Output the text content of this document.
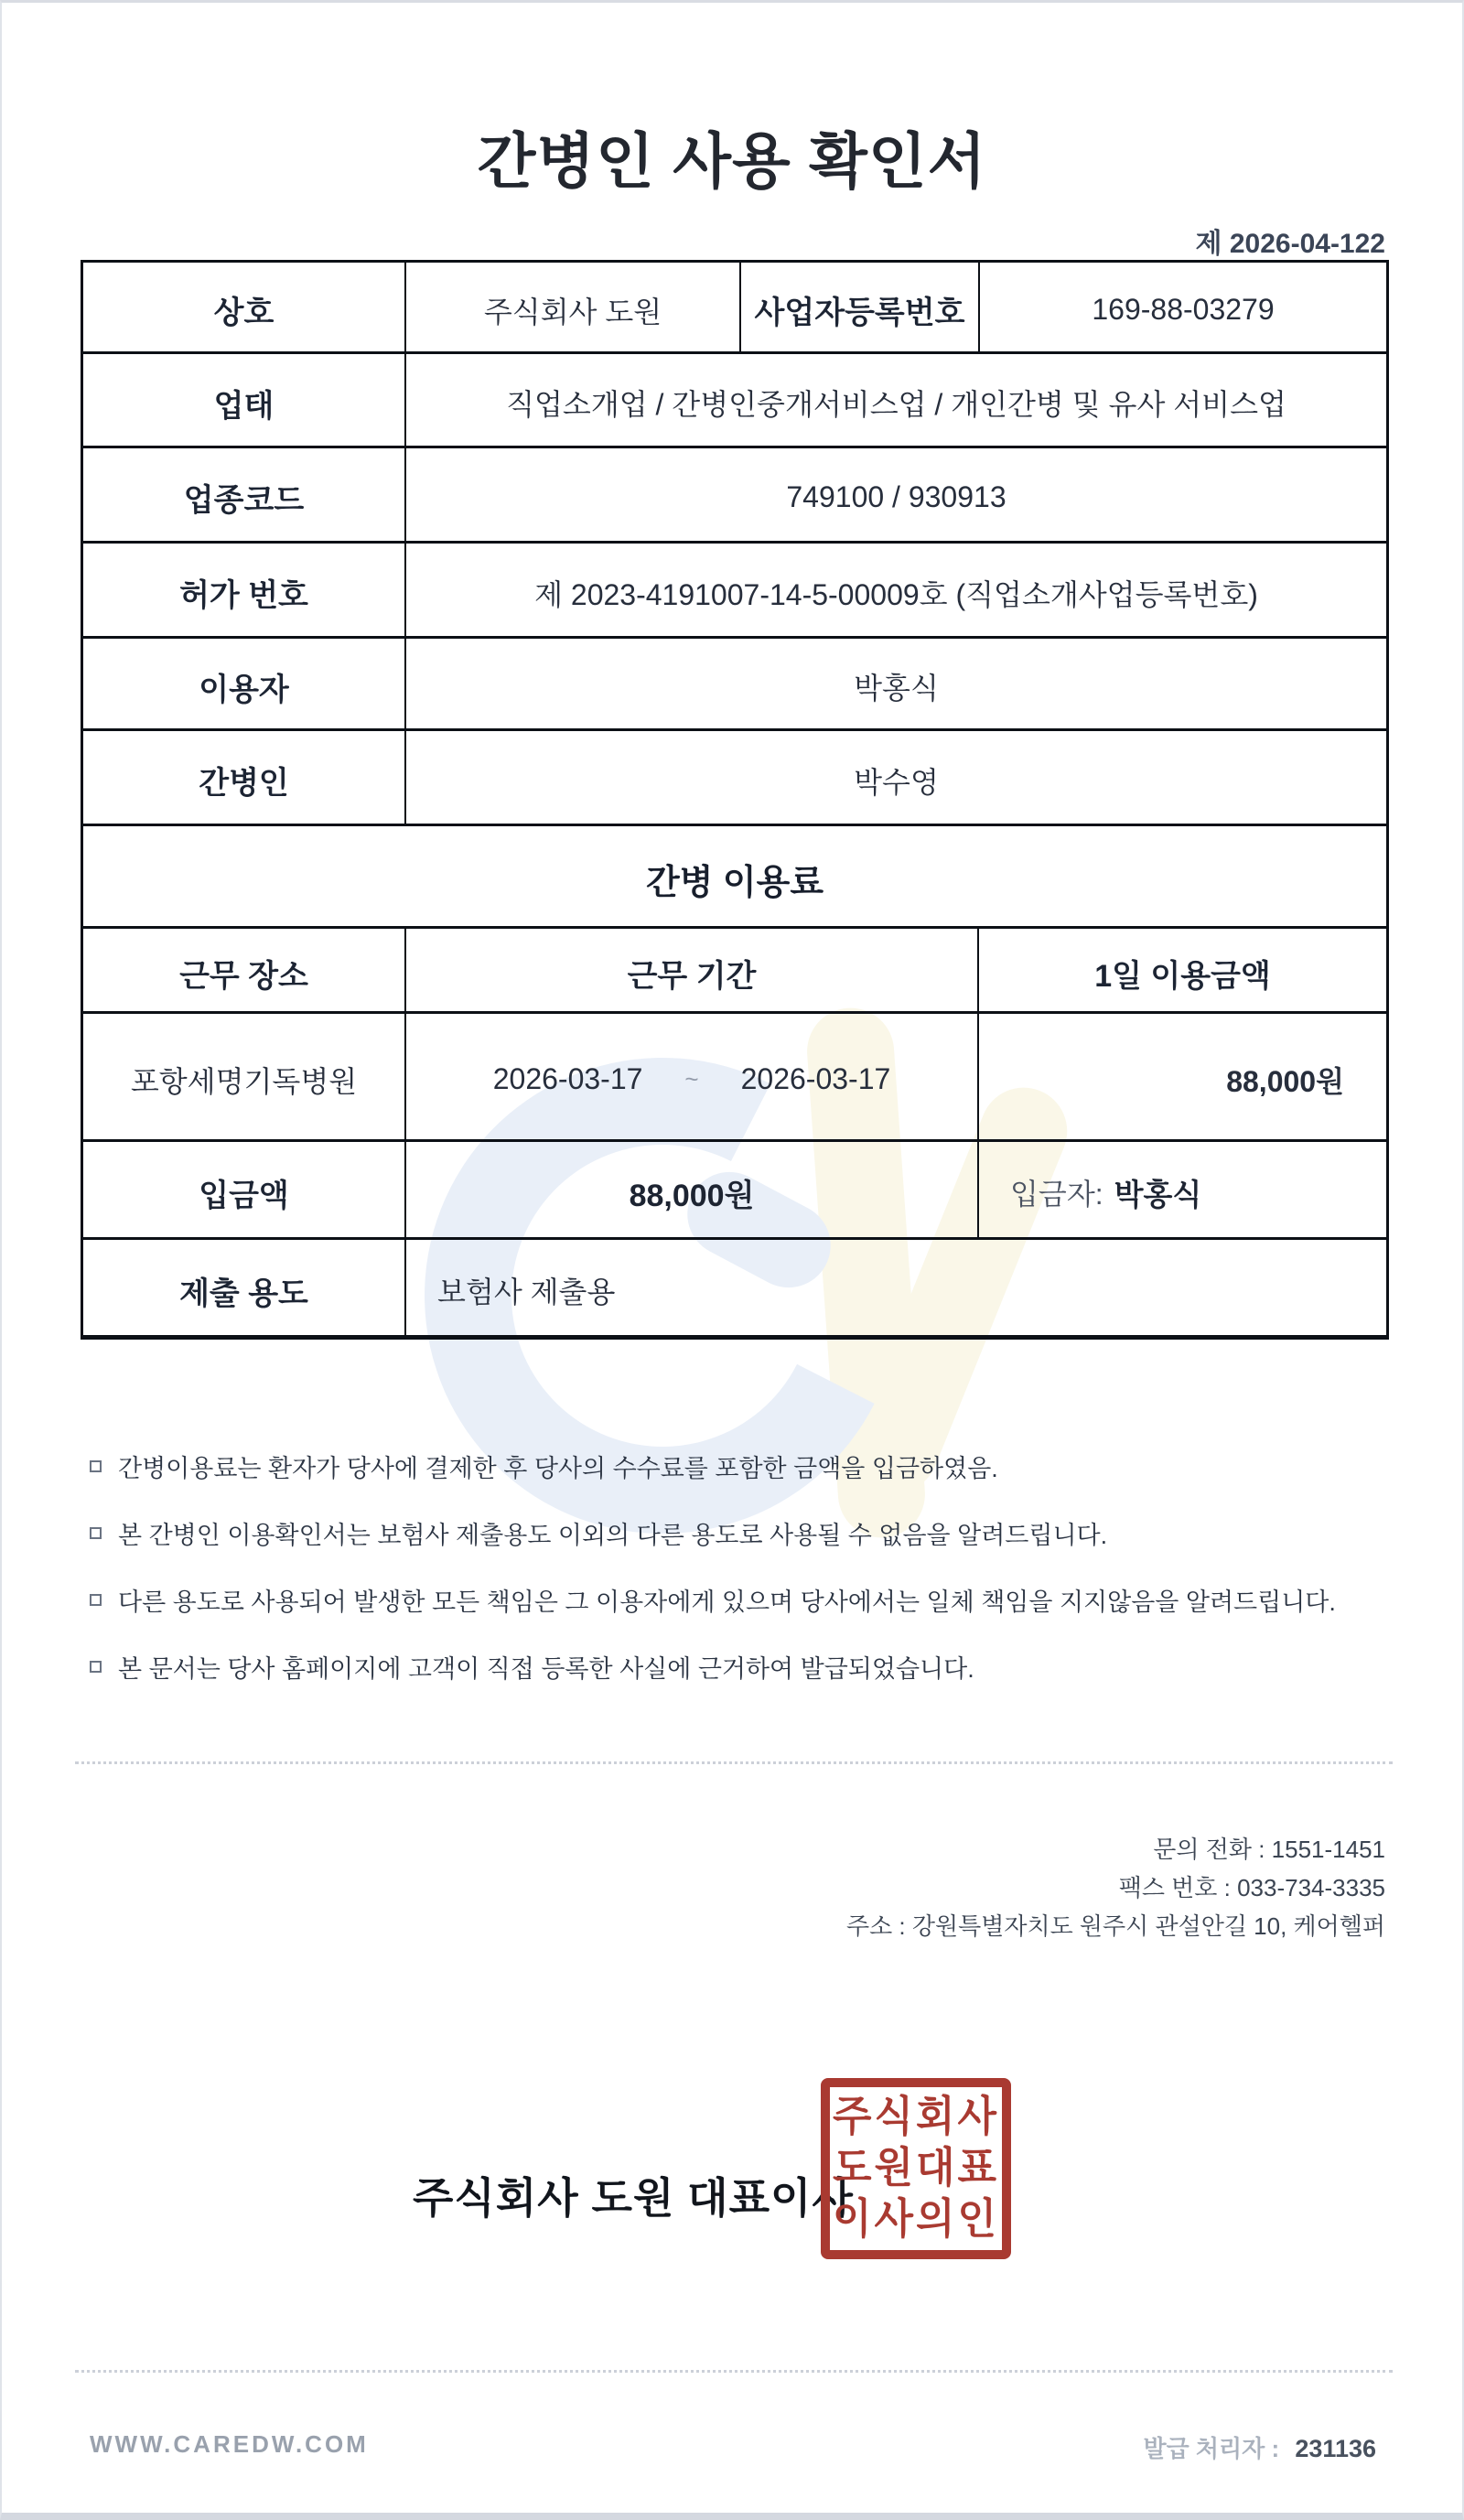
간병인 사용 확인서
제 2026-04-122
상호	주식회사 도원	사업자등록번호	169-88-03279
업태	직업소개업 / 간병인중개서비스업 / 개인간병 및 유사 서비스업
업종코드	749100 / 930913
허가 번호	제 2023-4191007-14-5-00009호 (직업소개사업등록번호)
이용자	박홍식
간병인	박수영
간병 이용료
근무 장소	근무 기간	1일 이용금액
포항세명기독병원	2026-03-17 ~ 2026-03-17	88,000원
입금액	88,000원	입금자: 박홍식
제출 용도	보험사 제출용
간병이용료는 환자가 당사에 결제한 후 당사의 수수료를 포함한 금액을 입금하였음.
본 간병인 이용확인서는 보험사 제출용도 이외의 다른 용도로 사용될 수 없음을 알려드립니다.
다른 용도로 사용되어 발생한 모든 책임은 그 이용자에게 있으며 당사에서는 일체 책임을 지지않음을 알려드립니다.
본 문서는 당사 홈페이지에 고객이 직접 등록한 사실에 근거하여 발급되었습니다.
문의 전화 : 1551-1451
팩스 번호 : 033-734-3335
주소 : 강원특별자치도 원주시 관설안길 10, 케어헬퍼
주식회사 도원 대표이사
주식회사
도원대표
이사의인
WWW.CAREDW.COM	발급 처리자 : 231136
